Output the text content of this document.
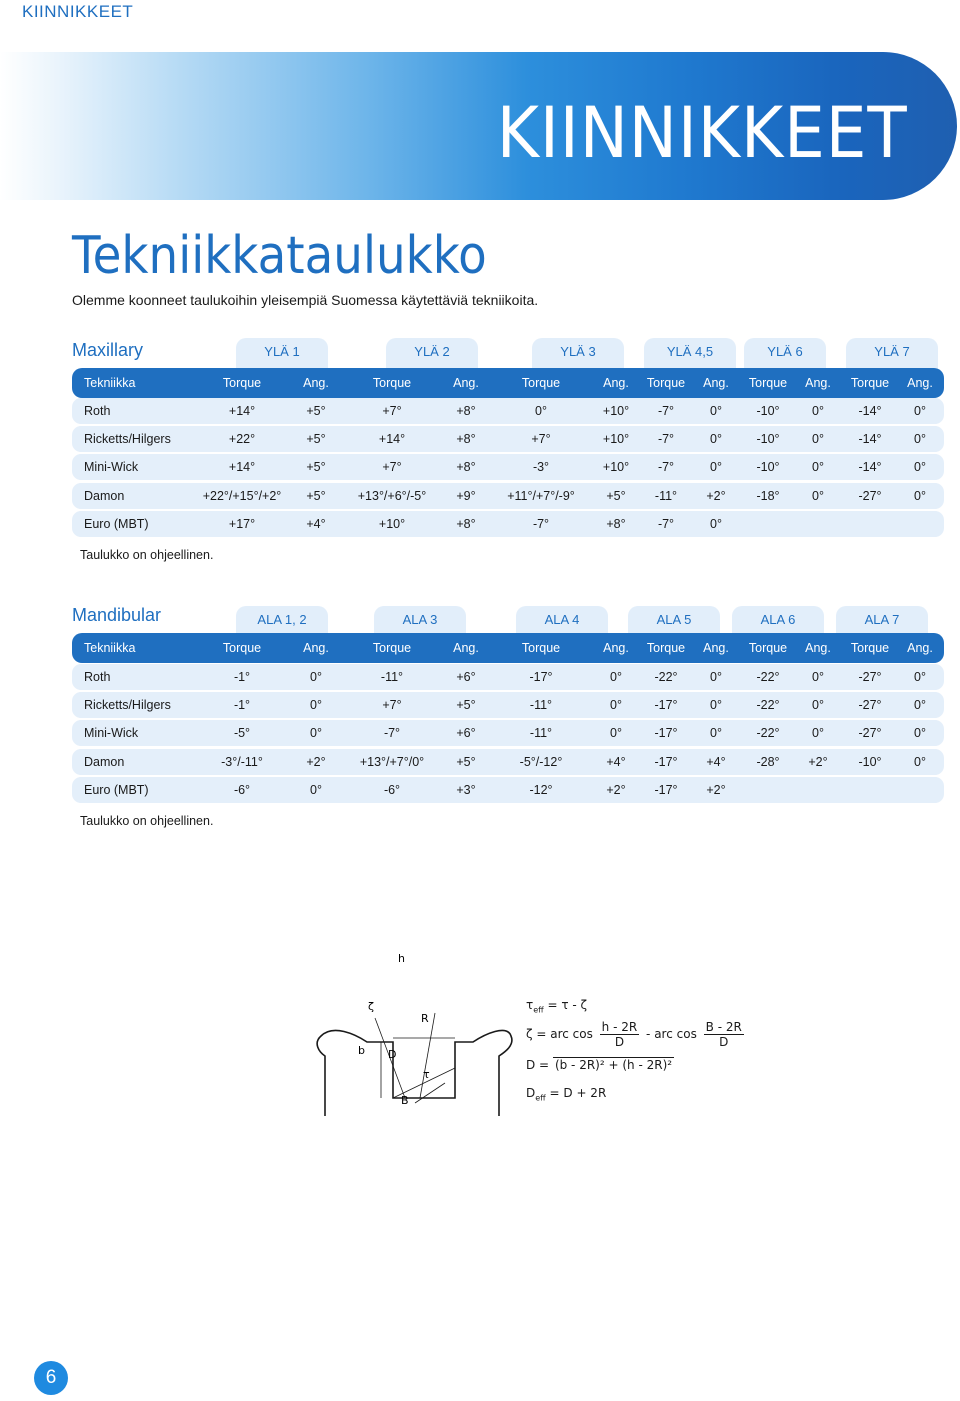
KIINNIKKEET
KIINNIKKEET
Tekniikkataulukko
Olemme koonneet taulukoihin yleisempiä Suomessa käytettäviä tekniikoita.
Maxillary	YLÄ 1	YLÄ 2	YLÄ 3	YLÄ 4,5	YLÄ 6	YLÄ 7
Tekniikka	Torque	Ang.	Torque	Ang.	Torque	Ang.	Torque	Ang.	Torque	Ang.	Torque	Ang.
Roth	+14°	+5°	+7°	+8°	0°	+10°	-7°	0°	-10°	0°	-14°	0°
Ricketts/Hilgers	+22°	+5°	+14°	+8°	+7°	+10°	-7°	0°	-10°	0°	-14°	0°
Mini-Wick	+14°	+5°	+7°	+8°	-3°	+10°	-7°	0°	-10°	0°	-14°	0°
Damon	+22°/+15°/+2°	+5°	+13°/+6°/-5°	+9°	+11°/+7°/-9°	+5°	-11°	+2°	-18°	0°	-27°	0°
Euro (MBT)	+17°	+4°	+10°	+8°	-7°	+8°	-7°	0°
Taulukko on ohjeellinen.
Mandibular	ALA 1, 2	ALA 3	ALA 4	ALA 5	ALA 6	ALA 7
Tekniikka	Torque	Ang.	Torque	Ang.	Torque	Ang.	Torque	Ang.	Torque	Ang.	Torque	Ang.
Roth	-1°	0°	-11°	+6°	-17°	0°	-22°	0°	-22°	0°	-27°	0°
Ricketts/Hilgers	-1°	0°	+7°	+5°	-11°	0°	-17°	0°	-22°	0°	-27°	0°
Mini-Wick	-5°	0°	-7°	+6°	-11°	0°	-17°	0°	-22°	0°	-27°	0°
Damon	-3°/-11°	+2°	+13°/+7°/0°	+5°	-5°/-12°	+4°	-17°	+4°	-28°	+2°	-10°	0°
Euro (MBT)	-6°	0°	-6°	+3°	-12°	+2°	-17°	+2°
Taulukko on ohjeellinen.
h
ζ
R
b D
τ
B
$\tau_{eff} = \tau - \zeta$
ζ = arc $\cos \frac{h - 2R}{D}$ - arc $\cos \frac{B - 2R}{D}$
D = (b - 2R)² + (h - 2R)²
$D_{eff} = D + 2R$
6
